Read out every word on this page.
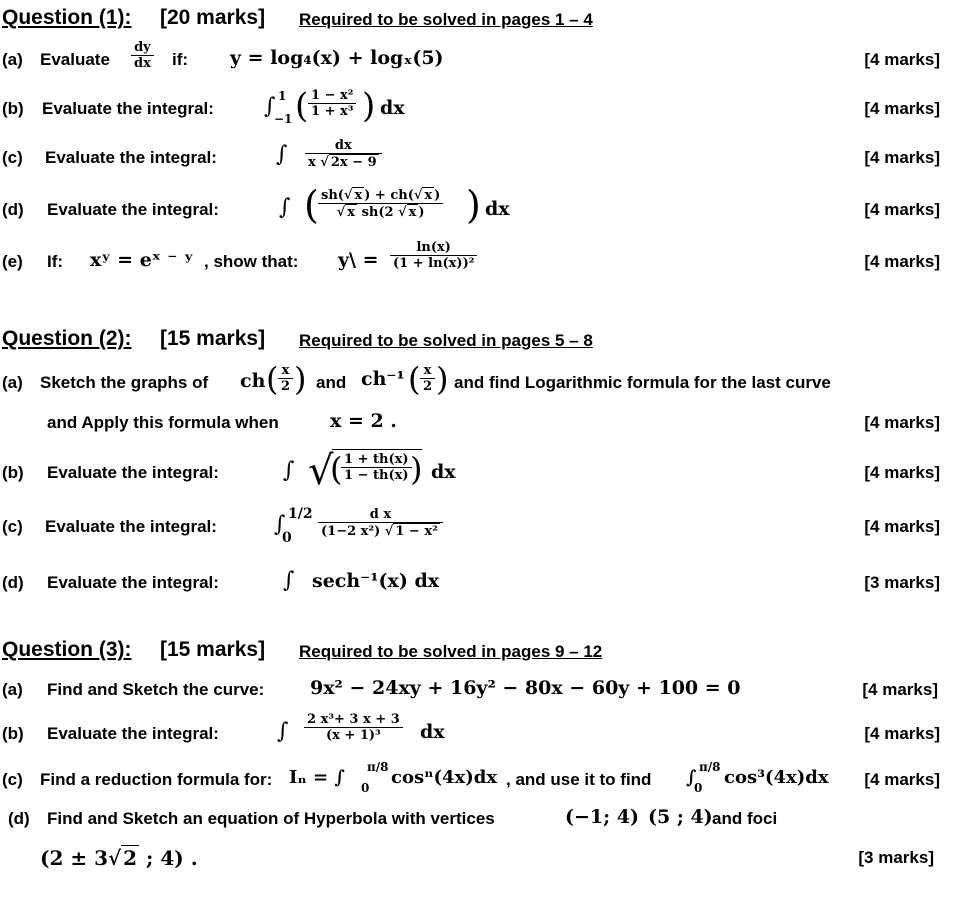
Question (1): [20 marks] Required to be solved in pages 1 – 4
(a) Evaluate $\frac{dy}{dx}$ if: y = log₄(x) + logₓ(5)	[4 marks]
(b) Evaluate the integral: ∫ 1
−1 ( $\frac{\text{1 − x²}}{\text{1 + x³}}$ ) dx	[4 marks]
(c) Evaluate the integral:	∫ $\frac{dx}{x √ 2x - 9}$	[4 marks]
(d) Evaluate the integral:	∫ ( $\frac{sh(√ x ) + ch(√ x )}{\text{√ x sh(2 √ x )}}$ ) dx	[4 marks]
(e) If: xʸ = eˣ ⁻ ʸ , show that: y\ = $\frac{\ln(x)}{\text{(1 + ln(x))²}}$	[4 marks]
Question (2): [15 marks] Required to be solved in pages 5 – 8
(a) Sketch the graphs of ch ( $\frac{x}{2}$ ) and ch⁻¹ ( $\frac{x}{2}$ ) and find Logarithmic formula for the last curve
and Apply this formula when	x = 2 .	[4 marks]
(b) Evaluate the integral:	∫ √
(
$\frac{1 + th(x)}{1 - th(x)}$
) dx	[4 marks]
(c) Evaluate the integral:	∫ 1/2
$0 \frac{\text{d x}}{\text{(1−2 x²) √ 1 − x²}}$	[4 marks]
(d) Evaluate the integral:	∫ sech⁻¹(x) dx	[3 marks]
Question (3): [15 marks] Required to be solved in pages 9 – 12
(a) Find and Sketch the curve: 9x² − 24xy + 16y² − 80x − 60y + 100 = 0	[4 marks]
(b) Evaluate the integral:	∫ $\frac{\text{2 x³+ 3 x + 3}}{\text{(x + 1)³}}$ dx	[4 marks]
(c) Find a reduction formula for: Iₙ = ∫ π/8
0 cosⁿ(4x)dx , and use it to find ∫ π/8
0 cos³(4x)dx [4 marks]
(d) Find and Sketch an equation of Hyperbola with vertices	(−1; 4) (5 ; 4) and foci
(2 ± 3√ 2 ; 4) .	[3 marks]
